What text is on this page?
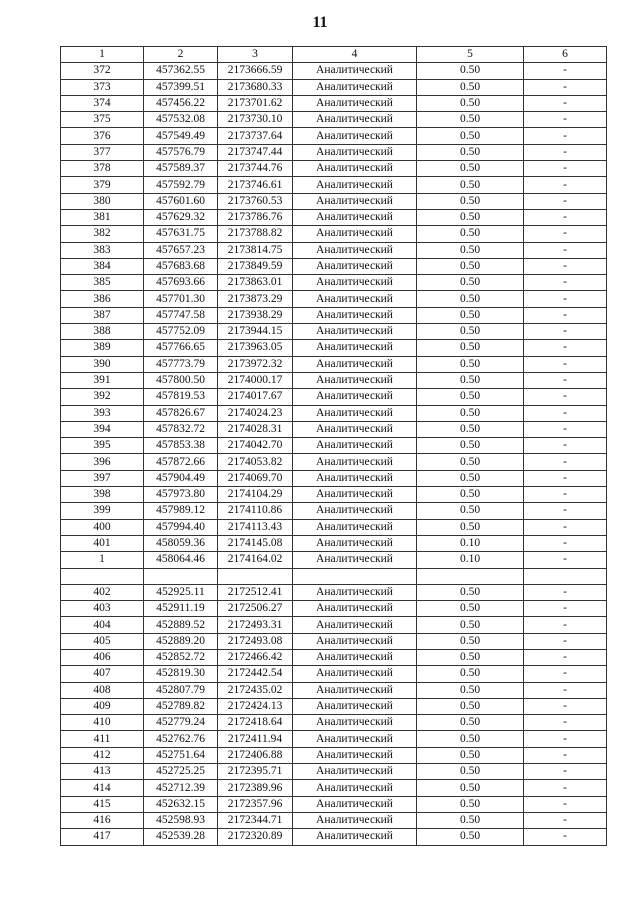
11
1	2	3	4	5	6
372	457362.55	2173666.59	Аналитический	0.50	-
373	457399.51	2173680.33	Аналитический	0.50	-
374	457456.22	2173701.62	Аналитический	0.50	-
375	457532.08	2173730.10	Аналитический	0.50	-
376	457549.49	2173737.64	Аналитический	0.50	-
377	457576.79	2173747.44	Аналитический	0.50	-
378	457589.37	2173744.76	Аналитический	0.50	-
379	457592.79	2173746.61	Аналитический	0.50	-
380	457601.60	2173760.53	Аналитический	0.50	-
381	457629.32	2173786.76	Аналитический	0.50	-
382	457631.75	2173788.82	Аналитический	0.50	-
383	457657.23	2173814.75	Аналитический	0.50	-
384	457683.68	2173849.59	Аналитический	0.50	-
385	457693.66	2173863.01	Аналитический	0.50	-
386	457701.30	2173873.29	Аналитический	0.50	-
387	457747.58	2173938.29	Аналитический	0.50	-
388	457752.09	2173944.15	Аналитический	0.50	-
389	457766.65	2173963.05	Аналитический	0.50	-
390	457773.79	2173972.32	Аналитический	0.50	-
391	457800.50	2174000.17	Аналитический	0.50	-
392	457819.53	2174017.67	Аналитический	0.50	-
393	457826.67	2174024.23	Аналитический	0.50	-
394	457832.72	2174028.31	Аналитический	0.50	-
395	457853.38	2174042.70	Аналитический	0.50	-
396	457872.66	2174053.82	Аналитический	0.50	-
397	457904.49	2174069.70	Аналитический	0.50	-
398	457973.80	2174104.29	Аналитический	0.50	-
399	457989.12	2174110.86	Аналитический	0.50	-
400	457994.40	2174113.43	Аналитический	0.50	-
401	458059.36	2174145.08	Аналитический	0.10	-
1	458064.46	2174164.02	Аналитический	0.10	-

402	452925.11	2172512.41	Аналитический	0.50	-
403	452911.19	2172506.27	Аналитический	0.50	-
404	452889.52	2172493.31	Аналитический	0.50	-
405	452889.20	2172493.08	Аналитический	0.50	-
406	452852.72	2172466.42	Аналитический	0.50	-
407	452819.30	2172442.54	Аналитический	0.50	-
408	452807.79	2172435.02	Аналитический	0.50	-
409	452789.82	2172424.13	Аналитический	0.50	-
410	452779.24	2172418.64	Аналитический	0.50	-
411	452762.76	2172411.94	Аналитический	0.50	-
412	452751.64	2172406.88	Аналитический	0.50	-
413	452725.25	2172395.71	Аналитический	0.50	-
414	452712.39	2172389.96	Аналитический	0.50	-
415	452632.15	2172357.96	Аналитический	0.50	-
416	452598.93	2172344.71	Аналитический	0.50	-
417	452539.28	2172320.89	Аналитический	0.50	-
